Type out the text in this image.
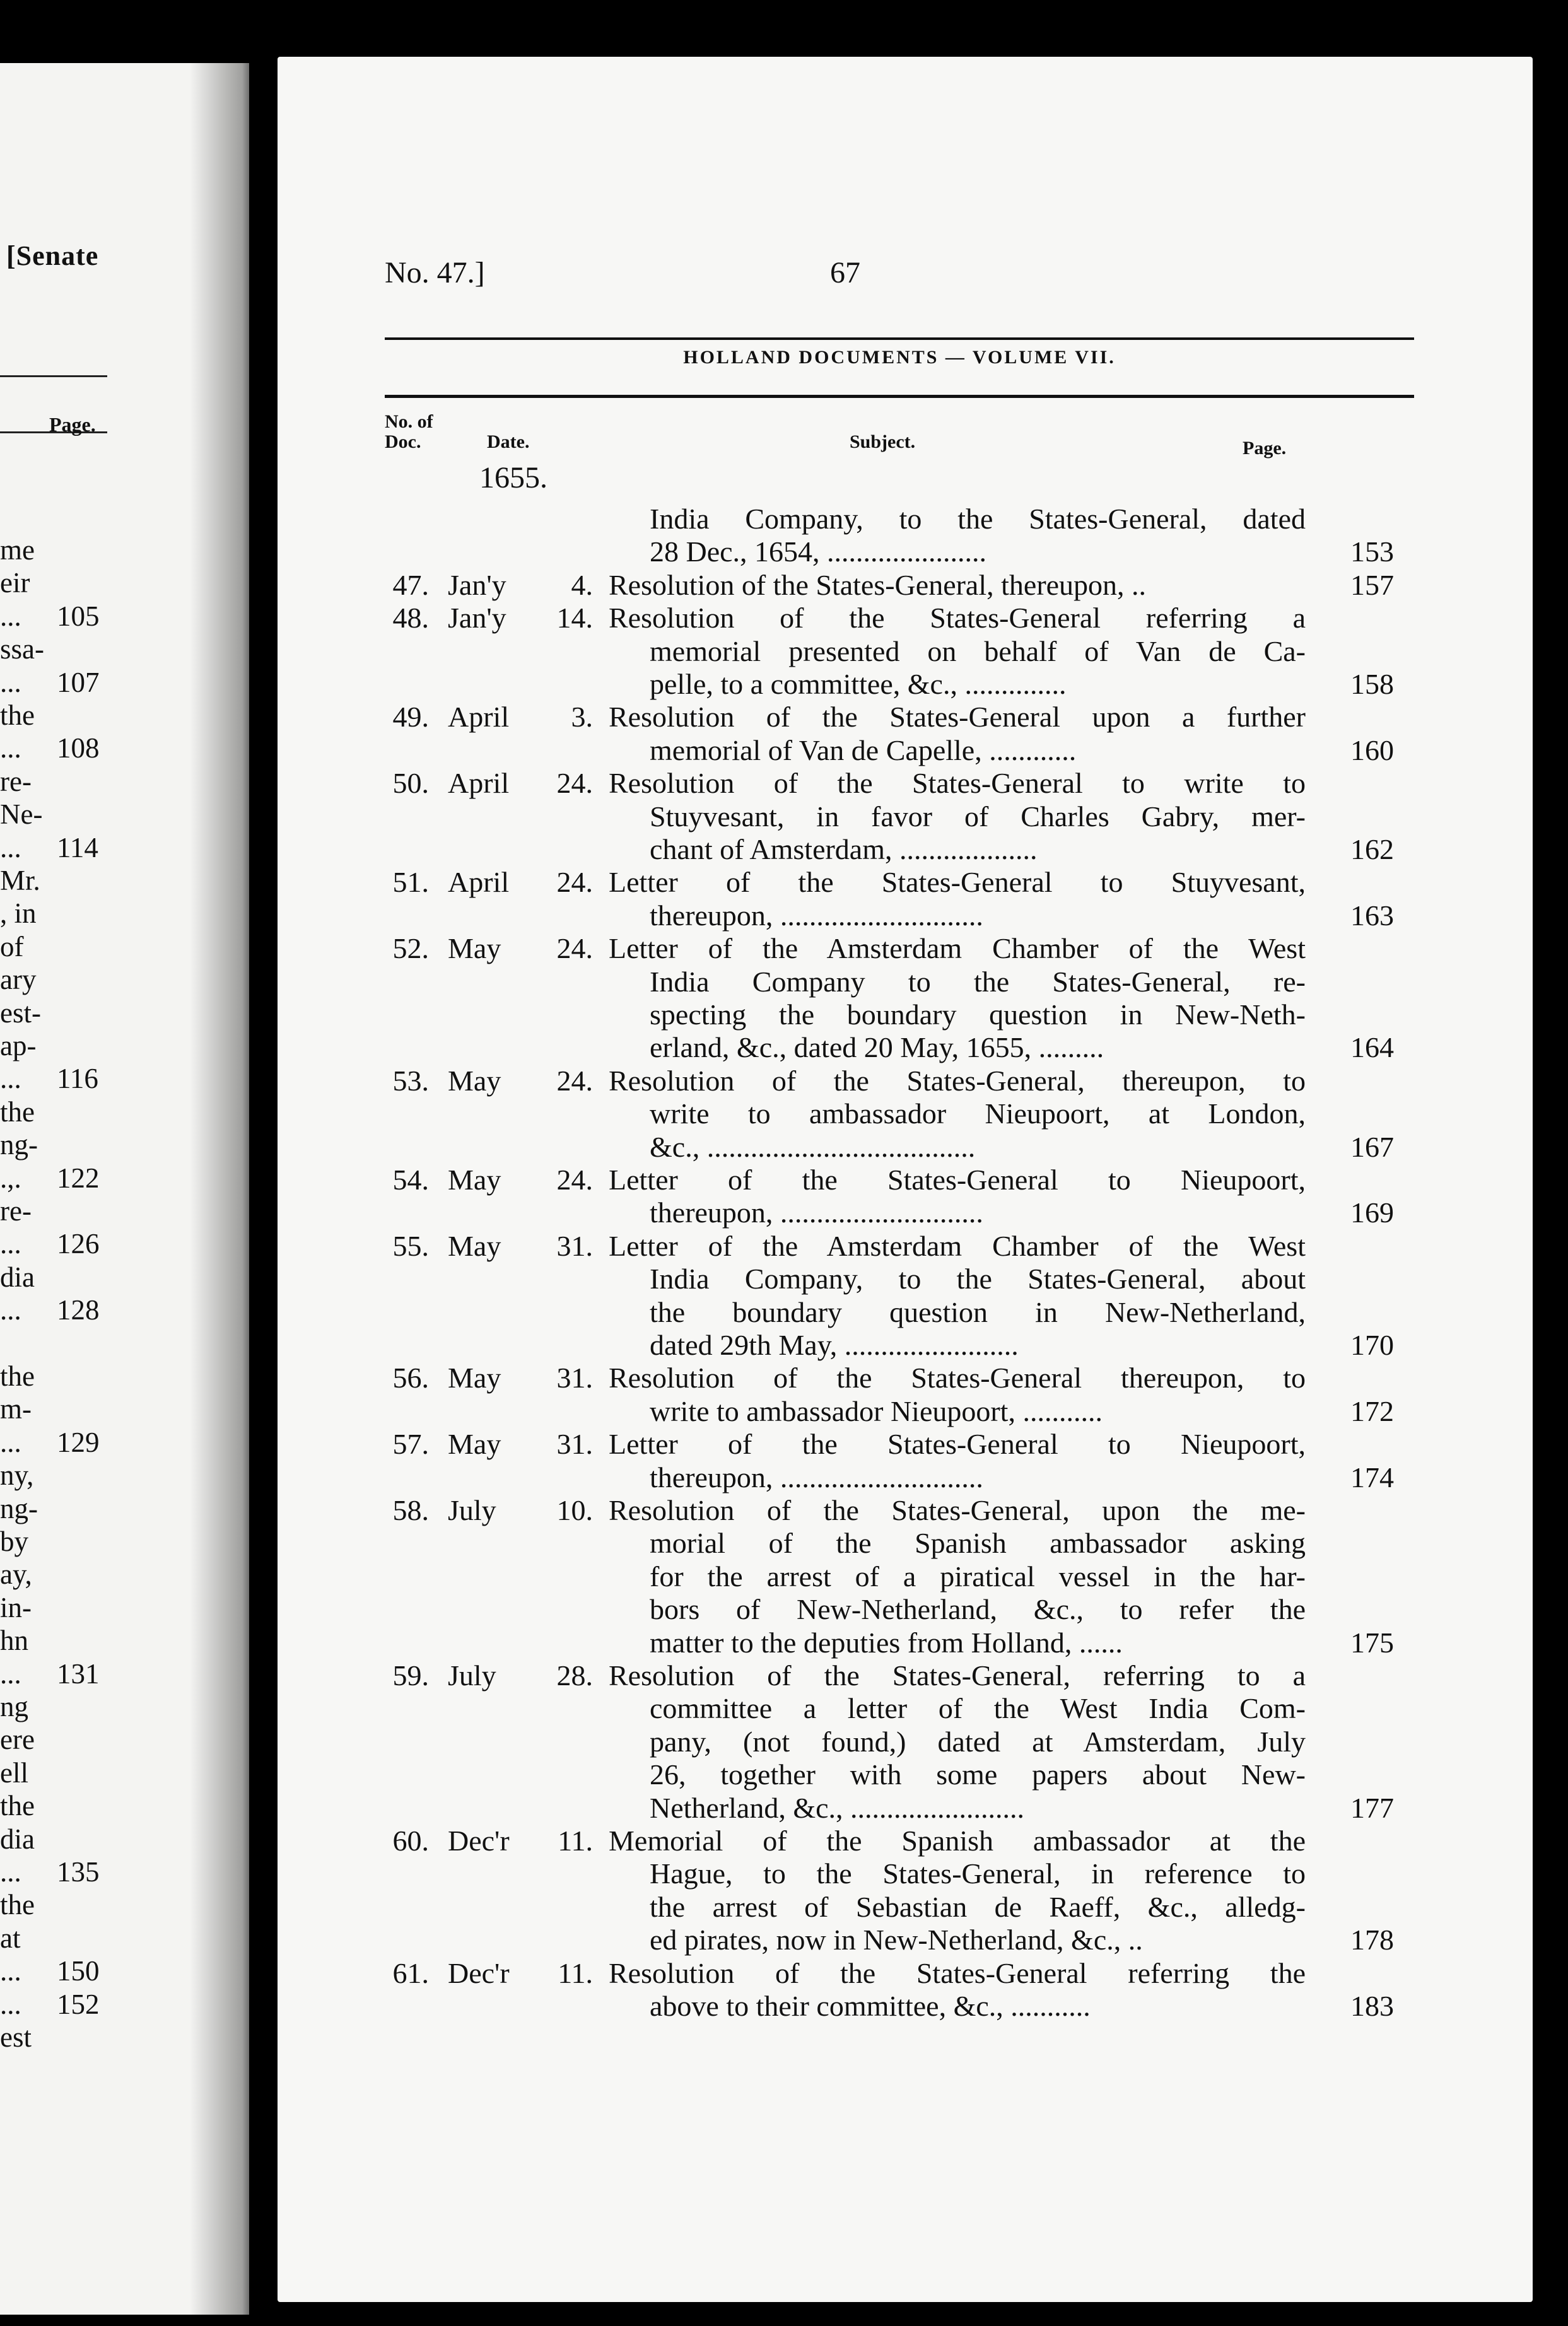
[Senate
Page.
me
eir
... 105
ssa-
... 107
the
... 108
re-
Ne-
... 114
Mr.
, in
of
ary
est-
ap-
... 116
the
ng-
.,. 122
re-
... 126
dia
... 128
the
m-
... 129
ny,
ng-
by
ay,
in-
hn
... 131
ng
ere
ell
the
dia
... 135
the
at
... 150
... 152
est
No. 47.]	67
HOLLAND DOCUMENTS — VOLUME VII.
No. of
Doc.	Date.	Subject.	Page.
1655.
India Company, to the States-General, dated
28 Dec., 1654, ......................	153
47. Jan'y	4. Resolution of the States-General, thereupon, ..	157
48. Jan'y	14. Resolution of the States-General referring a
memorial presented on behalf of Van de Ca-
pelle, to a committee, &c., ..............	158
49. April	3. Resolution of the States-General upon a further
memorial of Van de Capelle, ............	160
50. April	24. Resolution of the States-General to write to
Stuyvesant, in favor of Charles Gabry, mer-
chant of Amsterdam, ...................	162
51. April	24. Letter of the States-General to Stuyvesant,
thereupon, ............................	163
52. May	24. Letter of the Amsterdam Chamber of the West
India Company to the States-General, re-
specting the boundary question in New-Neth-
erland, &c., dated 20 May, 1655, .........	164
53. May	24. Resolution of the States-General, thereupon, to
write to ambassador Nieupoort, at London,
&c., .....................................	167
54. May	24. Letter of the States-General to Nieupoort,
thereupon, ............................	169
55. May	31. Letter of the Amsterdam Chamber of the West
India Company, to the States-General, about
the boundary question in New-Netherland,
dated 29th May, ........................	170
56. May	31. Resolution of the States-General thereupon, to
write to ambassador Nieupoort, ...........	172
57. May	31. Letter of the States-General to Nieupoort,
thereupon, ............................	174
58. July	10. Resolution of the States-General, upon the me-
morial of the Spanish ambassador asking
for the arrest of a piratical vessel in the har-
bors of New-Netherland, &c., to refer the
matter to the deputies from Holland, ......	175
59. July	28. Resolution of the States-General, referring to a
committee a letter of the West India Com-
pany, (not found,) dated at Amsterdam, July
26, together with some papers about New-
Netherland, &c., ........................	177
60. Dec'r	11. Memorial of the Spanish ambassador at the
Hague, to the States-General, in reference to
the arrest of Sebastian de Raeff, &c., alledg-
ed pirates, now in New-Netherland, &c., ..	178
61. Dec'r	11. Resolution of the States-General referring the
above to their committee, &c., ...........	183
